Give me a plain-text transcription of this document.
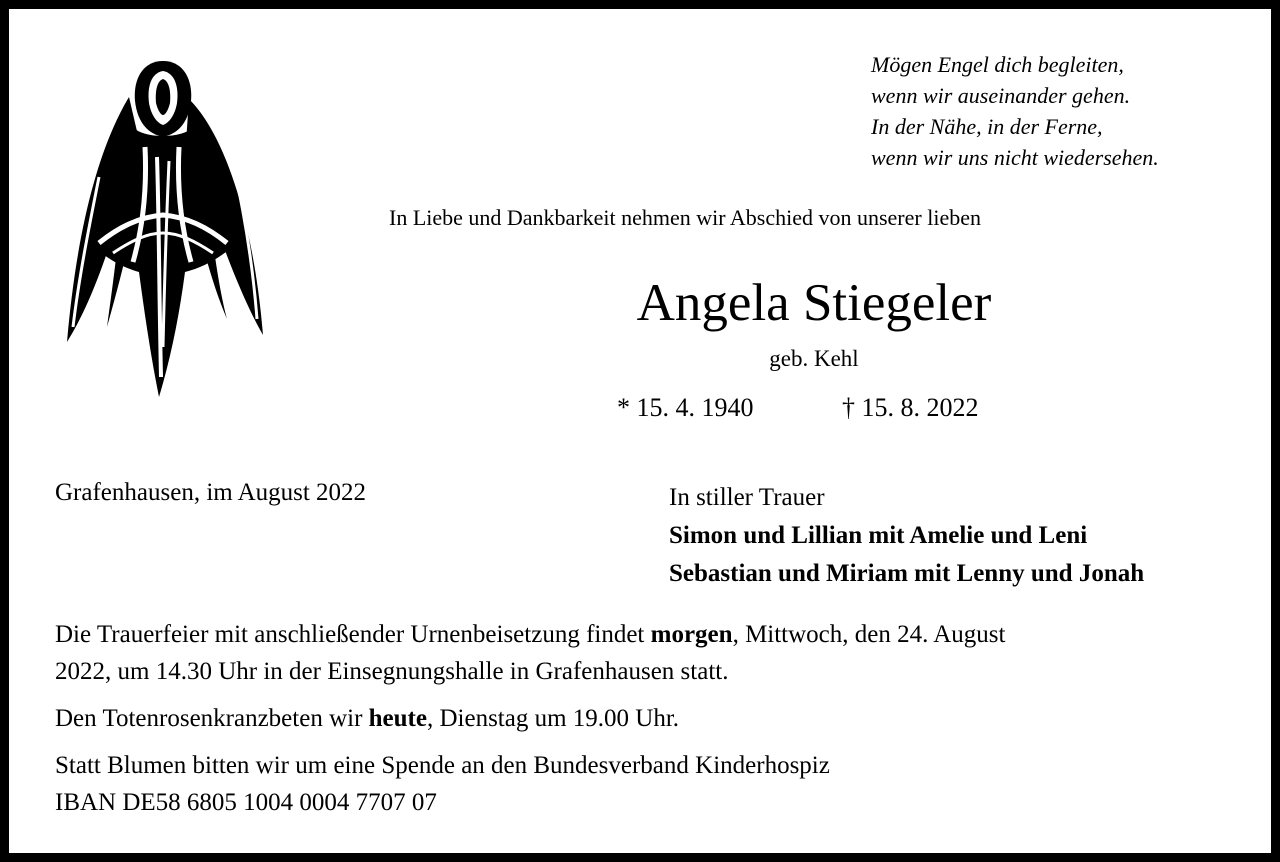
Mögen Engel dich begleiten,
wenn wir auseinander gehen.
In der Nähe, in der Ferne,
wenn wir uns nicht wiedersehen.
In Liebe und Dankbarkeit nehmen wir Abschied von unserer lieben
Angela Stiegeler
geb. Kehl
* 15. 4. 1940	† 15. 8. 2022
Grafenhausen, im August 2022	In stiller Trauer
Simon und Lillian mit Amelie und Leni
Sebastian und Miriam mit Lenny und Jonah

Die Trauerfeier mit anschließender Urnenbeisetzung findet morgen, Mittwoch, den 24. August

2022, um 14.30 Uhr in der Einsegnungshalle in Grafenhausen statt.

Den Totenrosenkranzbeten wir heute, Dienstag um 19.00 Uhr.

Statt Blumen bitten wir um eine Spende an den Bundesverband Kinderhospiz

IBAN DE58 6805 1004 0004 7707 07
